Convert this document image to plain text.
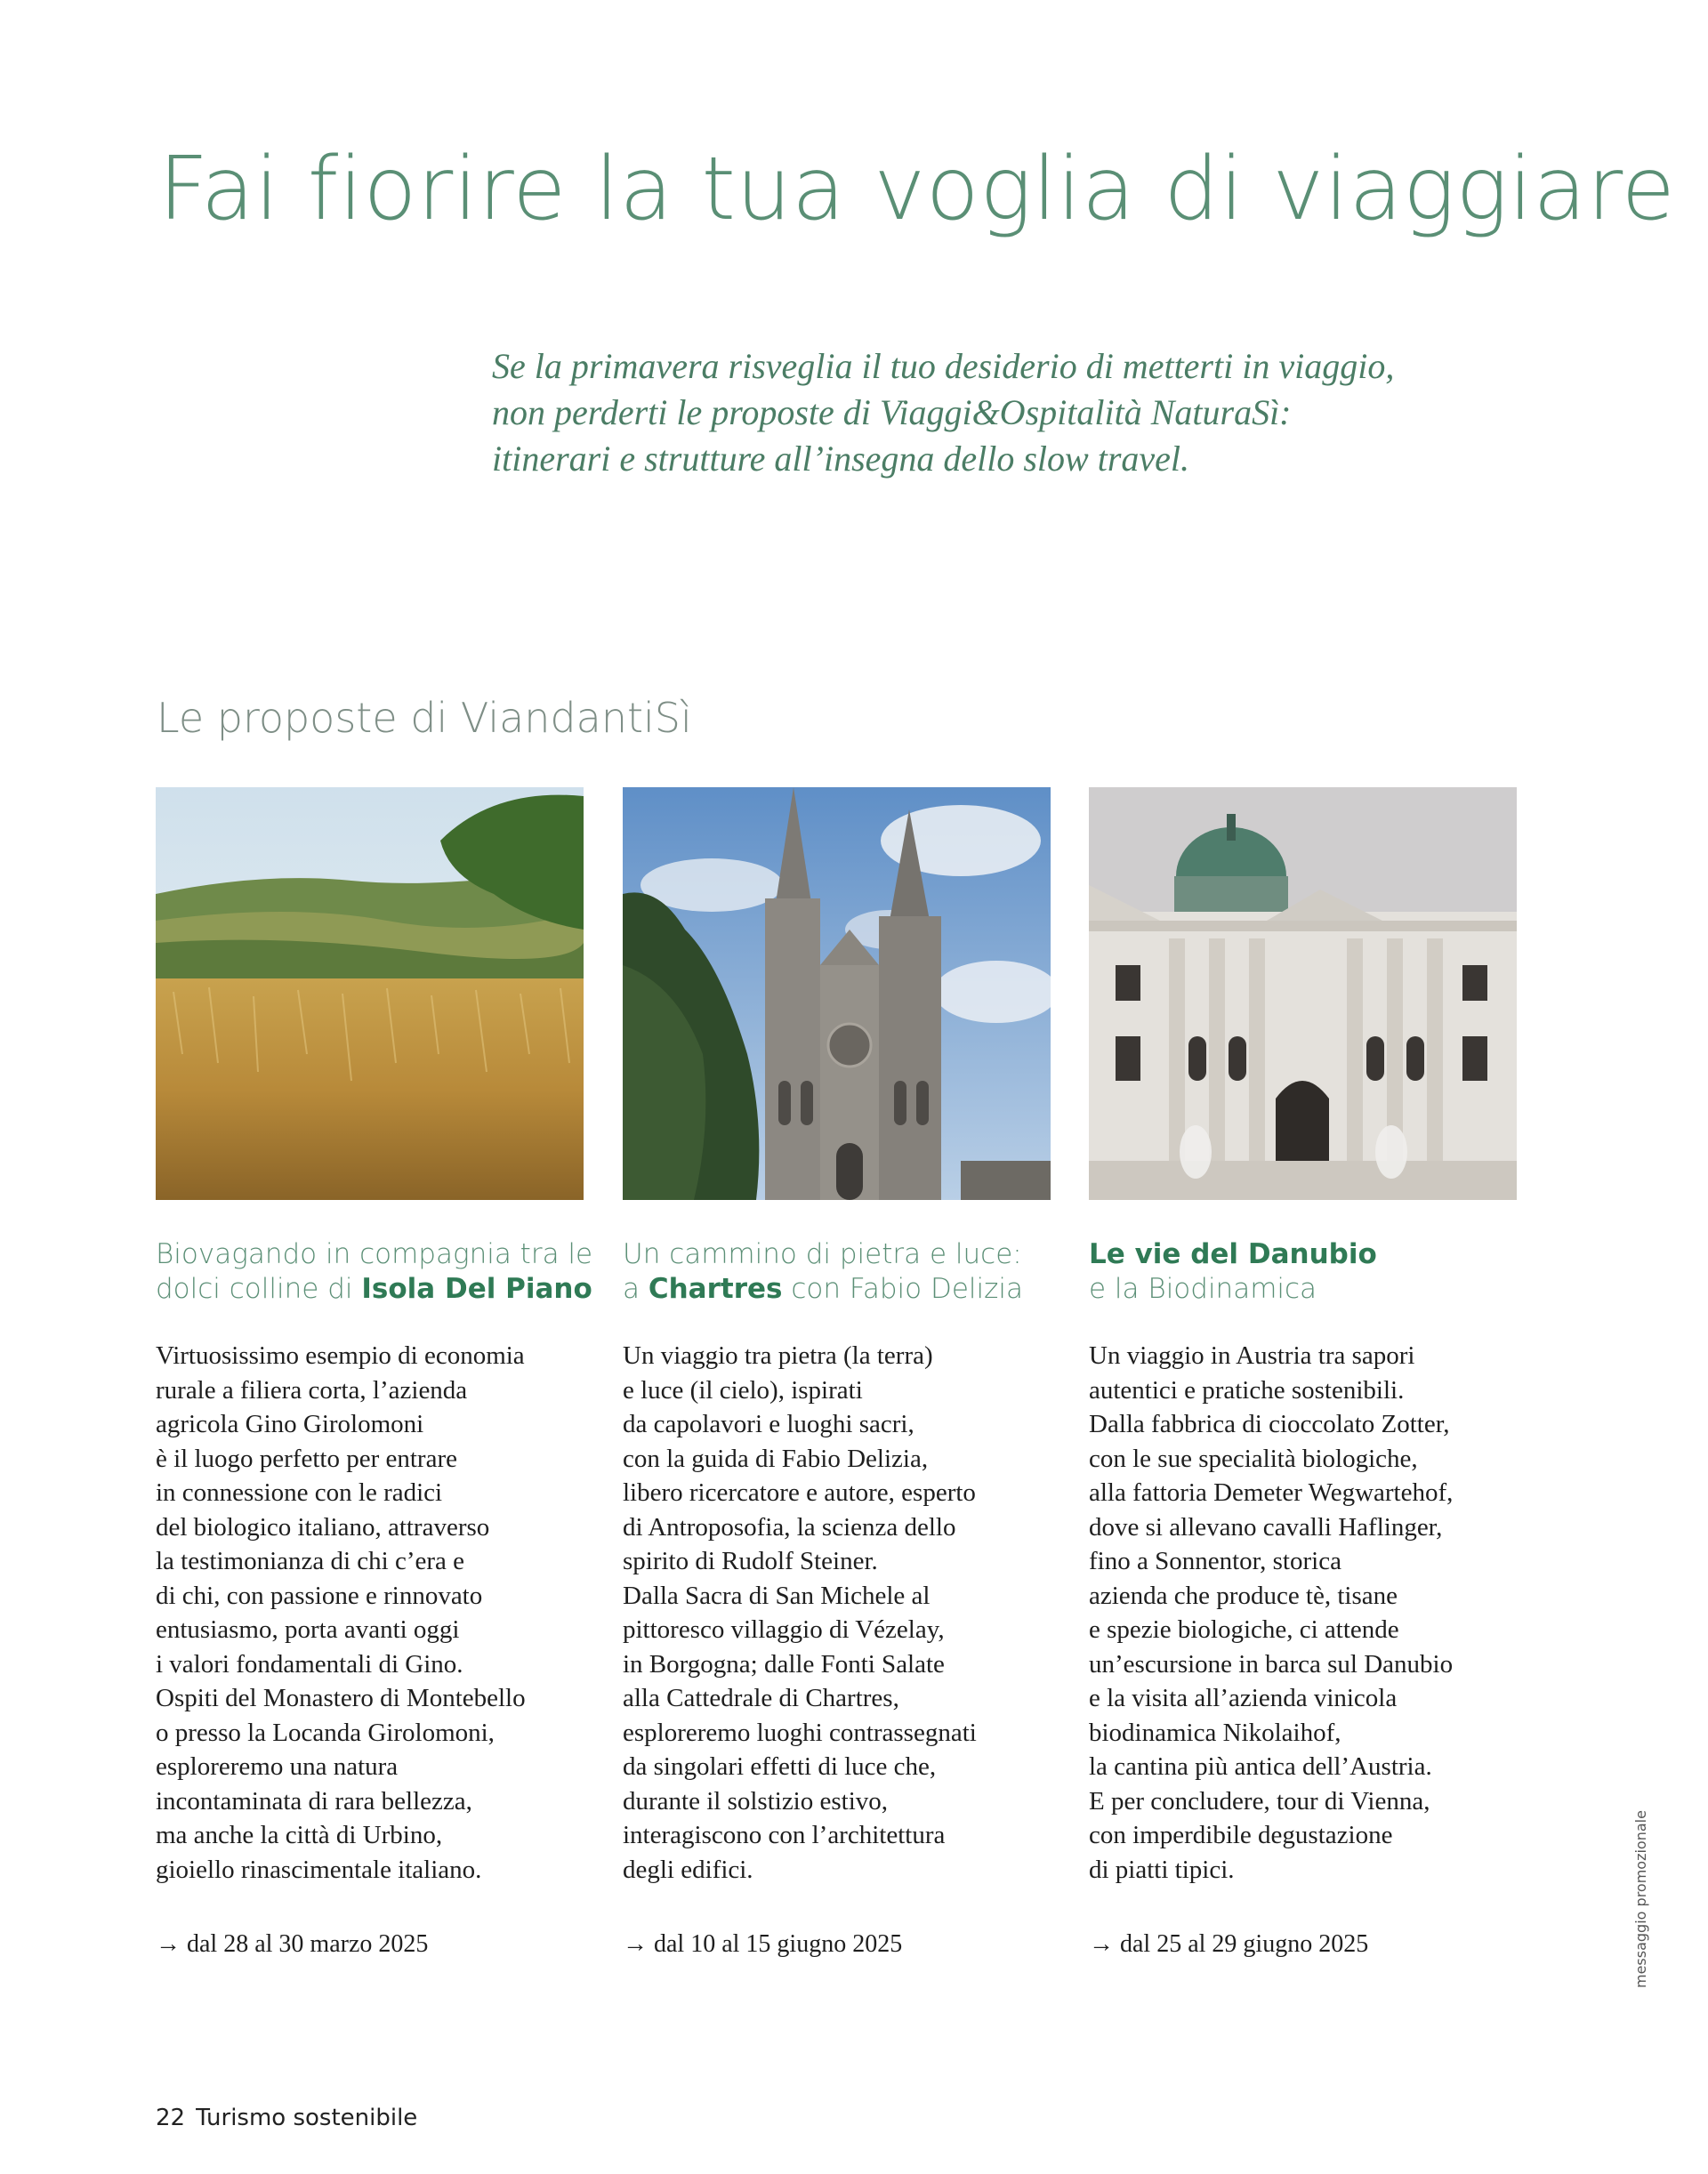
Fai fiorire la tua voglia di viaggiare
Se la primavera risveglia il tuo desiderio di metterti in viaggio,
non perderti le proposte di Viaggi&Ospitalità NaturaSì:
itinerari e strutture all’insegna dello slow travel.
Le proposte di ViandantiSì
Biovagando in compagnia tra le
dolci colline di Isola Del Piano
Virtuosissimo esempio di economia
rurale a filiera corta, l’azienda
agricola Gino Girolomoni
è il luogo perfetto per entrare
in connessione con le radici
del biologico italiano, attraverso
la testimonianza di chi c’era e
di chi, con passione e rinnovato
entusiasmo, porta avanti oggi
i valori fondamentali di Gino.
Ospiti del Monastero di Montebello
o presso la Locanda Girolomoni,
esploreremo una natura
incontaminata di rara bellezza,
ma anche la città di Urbino,
gioiello rinascimentale italiano.
Un cammino di pietra e luce:
a Chartres con Fabio Delizia
Un viaggio tra pietra (la terra)
e luce (il cielo), ispirati
da capolavori e luoghi sacri,
con la guida di Fabio Delizia,
libero ricercatore e autore, esperto
di Antroposofia, la scienza dello
spirito di Rudolf Steiner.
Dalla Sacra di San Michele al
pittoresco villaggio di Vézelay,
in Borgogna; dalle Fonti Salate
alla Cattedrale di Chartres,
esploreremo luoghi contrassegnati
da singolari effetti di luce che,
durante il solstizio estivo,
interagiscono con l’architettura
degli edifici.
Le vie del Danubio
e la Biodinamica
Un viaggio in Austria tra sapori
autentici e pratiche sostenibili.
Dalla fabbrica di cioccolato Zotter,
con le sue specialità biologiche,
alla fattoria Demeter Wegwartehof,
dove si allevano cavalli Haflinger,
fino a Sonnentor, storica
azienda che produce tè, tisane
e spezie biologiche, ci attende
un’escursione in barca sul Danubio
e la visita all’azienda vinicola
biodinamica Nikolaihof,
la cantina più antica dell’Austria.
E per concludere, tour di Vienna,
con imperdibile degustazione
di piatti tipici.
→ dal 28 al 30 marzo 2025	→ dal 10 al 15 giugno 2025	→ dal 25 al 29 giugno 2025	messaggio promozionale
22 Turismo sostenibile
